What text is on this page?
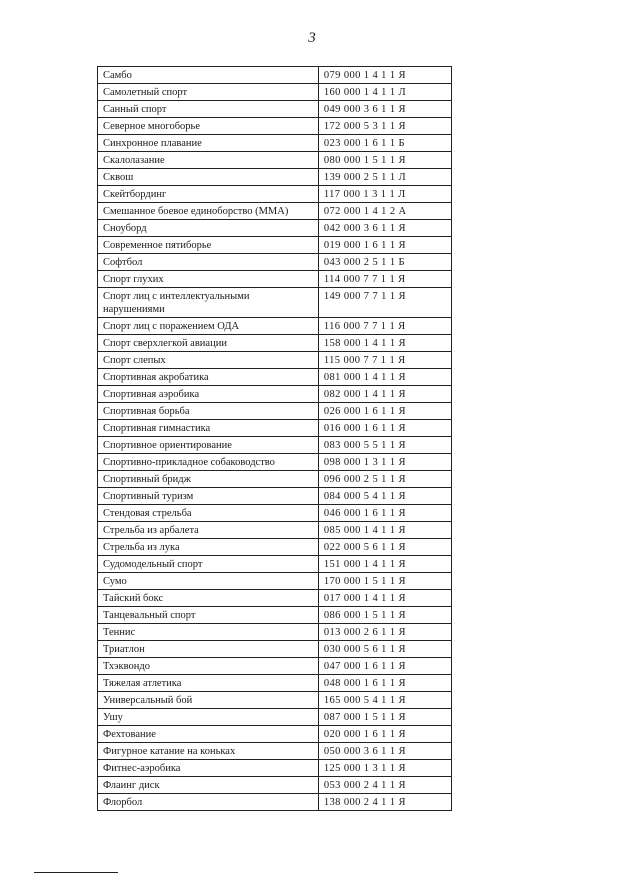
3
Самбо	079 000 1 4 1 1 Я
Самолетный спорт	160 000 1 4 1 1 Л
Санный спорт	049 000 3 6 1 1 Я
Северное многоборье	172 000 5 3 1 1 Я
Синхронное плавание	023 000 1 6 1 1 Б
Скалолазание	080 000 1 5 1 1 Я
Сквош	139 000 2 5 1 1 Л
Скейтбординг	117 000 1 3 1 1 Л
Смешанное боевое единоборство (ММА)	072 000 1 4 1 2 А
Сноуборд	042 000 3 6 1 1 Я
Современное пятиборье	019 000 1 6 1 1 Я
Софтбол	043 000 2 5 1 1 Б
Спорт глухих	114 000 7 7 1 1 Я
Спорт лиц с интеллектуальными нарушениями	149 000 7 7 1 1 Я
Спорт лиц с поражением ОДА	116 000 7 7 1 1 Я
Спорт сверхлегкой авиации	158 000 1 4 1 1 Я
Спорт слепых	115 000 7 7 1 1 Я
Спортивная акробатика	081 000 1 4 1 1 Я
Спортивная аэробика	082 000 1 4 1 1 Я
Спортивная борьба	026 000 1 6 1 1 Я
Спортивная гимнастика	016 000 1 6 1 1 Я
Спортивное ориентирование	083 000 5 5 1 1 Я
Спортивно-прикладное собаководство	098 000 1 3 1 1 Я
Спортивный бридж	096 000 2 5 1 1 Я
Спортивный туризм	084 000 5 4 1 1 Я
Стендовая стрельба	046 000 1 6 1 1 Я
Стрельба из арбалета	085 000 1 4 1 1 Я
Стрельба из лука	022 000 5 6 1 1 Я
Судомодельный спорт	151 000 1 4 1 1 Я
Сумо	170 000 1 5 1 1 Я
Тайский бокс	017 000 1 4 1 1 Я
Танцевальный спорт	086 000 1 5 1 1 Я
Теннис	013 000 2 6 1 1 Я
Триатлон	030 000 5 6 1 1 Я
Тхэквондо	047 000 1 6 1 1 Я
Тяжелая атлетика	048 000 1 6 1 1 Я
Универсальный бой	165 000 5 4 1 1 Я
Ушу	087 000 1 5 1 1 Я
Фехтование	020 000 1 6 1 1 Я
Фигурное катание на коньках	050 000 3 6 1 1 Я
Фитнес-аэробика	125 000 1 3 1 1 Я
Флаинг диск	053 000 2 4 1 1 Я
Флорбол	138 000 2 4 1 1 Я
